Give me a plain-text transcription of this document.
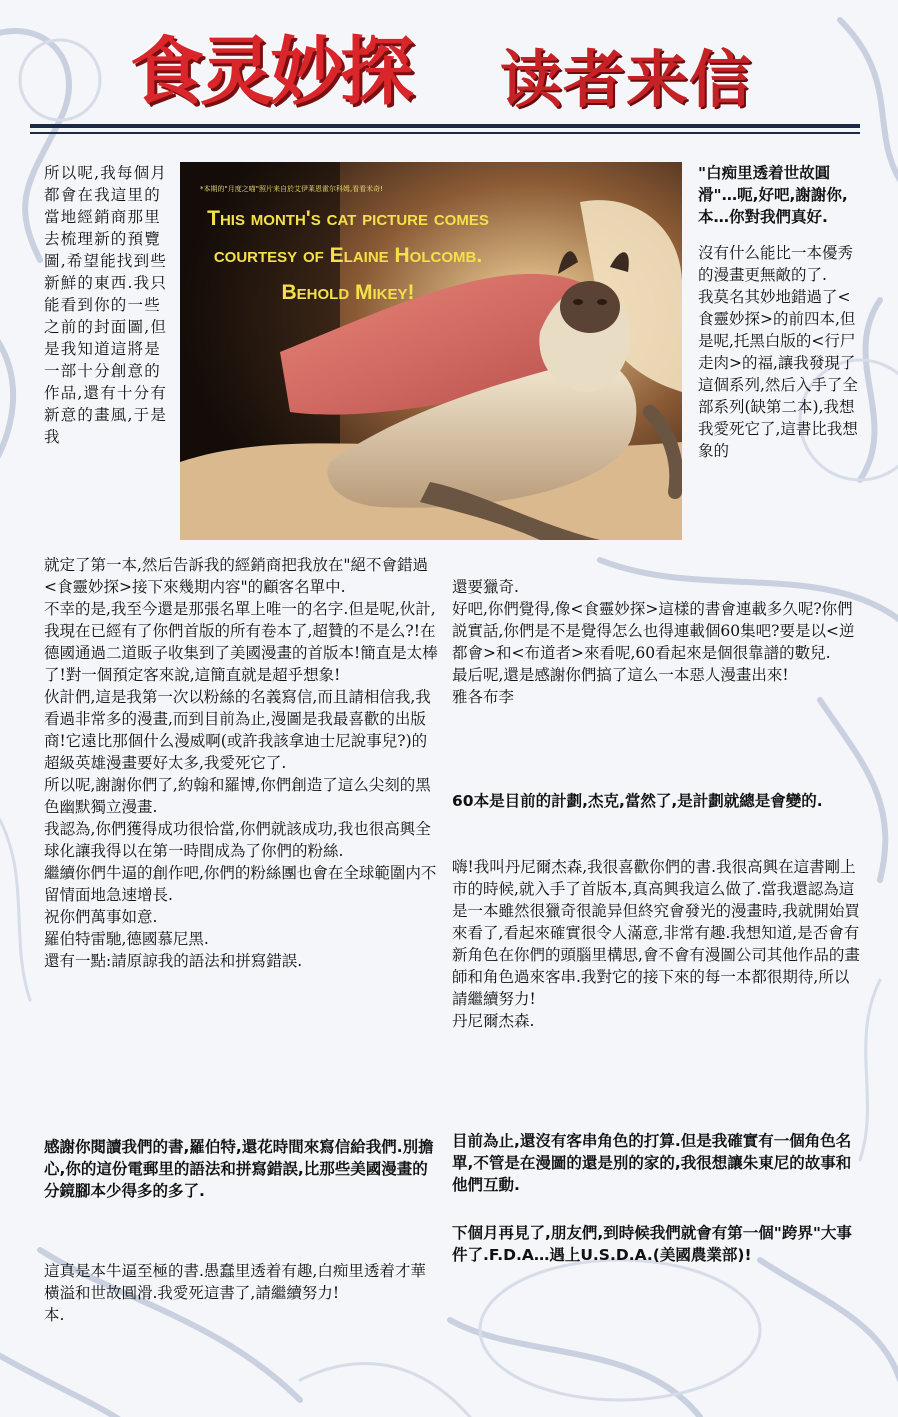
食灵妙探 读者来信
*本期的"月度之喵"照片来自於艾伊莱恩霍尔科姆,看看米奇!
This month's cat picture comes courtesy of Elaine Holcomb. Behold Mikey!

所以呢,我每個月都會在我這里的當地經銷商那里去梳理新的預覽圖,希望能找到些新鮮的東西.我只能看到你的一些之前的封面圖,但是我知道這將是一部十分創意的作品,還有十分有新意的畫風,于是我

"白痴里透着世故圓滑"…呃,好吧,謝謝你,本…你對我們真好.

沒有什么能比一本優秀的漫畫更無敵的了.
我莫名其妙地錯過了<食靈妙探>的前四本,但是呢,托黑白版的<行尸走肉>的福,讓我發現了這個系列,然后入手了全部系列(缺第二本),我想我愛死它了,這書比我想象的

就定了第一本,然后告訴我的經銷商把我放在"絕不會錯過<食靈妙探>接下來幾期内容"的顧客名單中.

不幸的是,我至今還是那張名單上唯一的名字.但是呢,伙計,我現在已經有了你們首版的所有卷本了,超贊的不是么?!在德國通過二道販子收集到了美國漫畫的首版本!簡直是太棒了!對一個預定客來說,這簡直就是超乎想象!

伙計們,這是我第一次以粉絲的名義寫信,而且請相信我,我看過非常多的漫畫,而到目前為止,漫圖是我最喜歡的出版商!它遠比那個什么漫威啊(或許我該拿迪士尼說事兒?)的超級英雄漫畫要好太多,我愛死它了.

所以呢,謝謝你們了,約翰和羅博,你們創造了這么尖刻的黑色幽默獨立漫畫.

我認為,你們獲得成功很恰當,你們就該成功,我也很高興全球化讓我得以在第一時間成為了你們的粉絲.

繼續你們牛逼的創作吧,你們的粉絲團也會在全球範圍内不留情面地急速增長.

祝你們萬事如意.

羅伯特雷馳,德國慕尼黑.

還有一點:請原諒我的語法和拼寫錯誤.

還要獵奇.

好吧,你們覺得,像<食靈妙探>這樣的書會連載多久呢?你們説實話,你們是不是覺得怎么也得連載個60集吧?要是以<逆都會>和<布道者>來看呢,60看起來是個很靠譜的數兒.

最后呢,還是感謝你們搞了這么一本惡人漫畫出來!

雅各布李

60本是目前的計劃,杰克,當然了,是計劃就總是會變的.

嗨!我叫丹尼爾杰森,我很喜歡你們的書.我很高興在這書剛上市的時候,就入手了首版本,真高興我這么做了.當我還認為這是一本雖然很獵奇很詭异但終究會發光的漫畫時,我就開始買來看了,看起來確實很令人滿意,非常有趣.我想知道,是否會有新角色在你們的頭腦里構思,會不會有漫圖公司其他作品的畫師和角色過來客串.我對它的接下來的每一本都很期待,所以請繼續努力!

丹尼爾杰森.

目前為止,還沒有客串角色的打算.但是我確實有一個角色名單,不管是在漫圖的還是別的家的,我很想讓朱東尼的故事和他們互動.

下個月再見了,朋友們,到時候我們就會有第一個"跨界"大事件了.F.D.A…遇上U.S.D.A.(美國農業部)!

感謝你閱讀我們的書,羅伯特,還花時間來寫信給我們.別擔心,你的這份電郵里的語法和拼寫錯誤,比那些美國漫畫的分鏡腳本少得多的多了.

這真是本牛逼至極的書.愚蠢里透着有趣,白痴里透着才華橫溢和世故圓滑.我愛死這書了,請繼續努力!

本.
